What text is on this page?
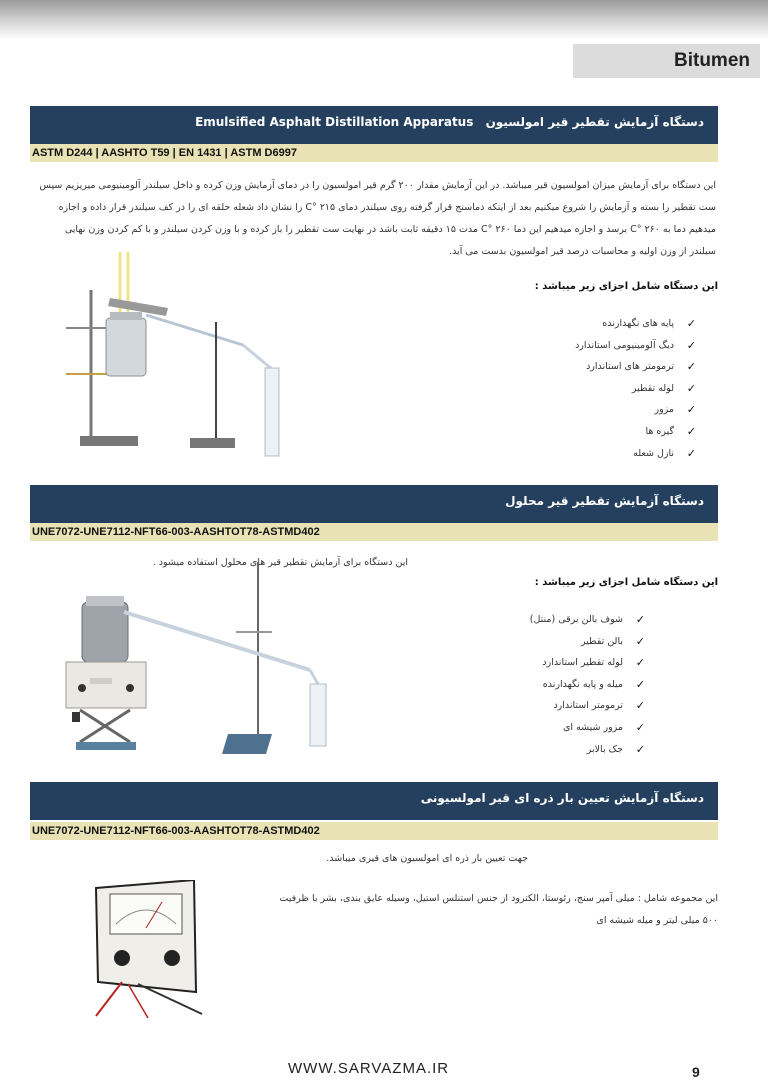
Bitumen
دستگاه آزمایش تقطیر قیر امولسیون Emulsified Asphalt Distillation Apparatus
ASTM D244 | AASHTO T59 | EN 1431 | ASTM D6997
این دستگاه برای آزمایش میزان امولسیون قیر میباشد. در این آزمایش مقدار ۲۰۰ گرم قیر امولسیون را در دمای آزمایش وزن کرده و داخل سیلندر آلومینیومی میریزیم سپس
ست تقطیر را بسته و آزمایش را شروع میکنیم بعد از اینکه دماسنج قرار گرفته روی سیلندر دمای C° ۲۱۵ را نشان داد شعله حلقه ای را در کف سیلندر قرار داده و اجازه
میدهیم دما به C° ۲۶۰ برسد و اجازه میدهیم این دما C° ۲۶۰ مدت ۱۵ دقیقه ثابت باشد در نهایت ست تقطیر را باز کرده و با وزن کردن سیلندر و با کم کردن وزن نهایی
سیلندر از وزن اولیه و محاسبات درصد قیر امولسیون بدست می آید.
این دستگاه شامل اجزای زیر میباشد :
✓
پایه های نگهدارنده
✓
دیگ آلومینیومی استاندارد
✓
ترمومتر های استاندارد
✓
لوله تقطیر
✓
مزور
✓
گیره ها
✓
نازل شعله
دستگاه آزمایش تقطیر قیر محلول
UNE7072-UNE7112-NFT66-003-AASHTOT78-ASTMD402
این دستگاه برای آزمایش تقطیر قیر های محلول استفاده میشود .
این دستگاه شامل اجزای زیر میباشد :
✓
شوف بالن برقی (منتل)
✓
بالن تقطیر
✓
لوله تقطیر استاندارد
✓
میله و پایه نگهدارنده
✓
ترمومتر استاندارد
✓
مزور شیشه ای
✓
جک بالابر
دستگاه آزمایش تعیین بار ذره ای قیر امولسیونی
UNE7072-UNE7112-NFT66-003-AASHTOT78-ASTMD402
جهت تعیین بار ذره ای امولسیون های قیری میباشد.
این مجموعه شامل : میلی آمپر سنج، رئوستا، الکترود از جنس استنلس استیل، وسیله عایق بندی، بشر با ظرفیت
۵۰۰ میلی لیتر و میله شیشه ای
WWW.SARVAZMA.IR	9
